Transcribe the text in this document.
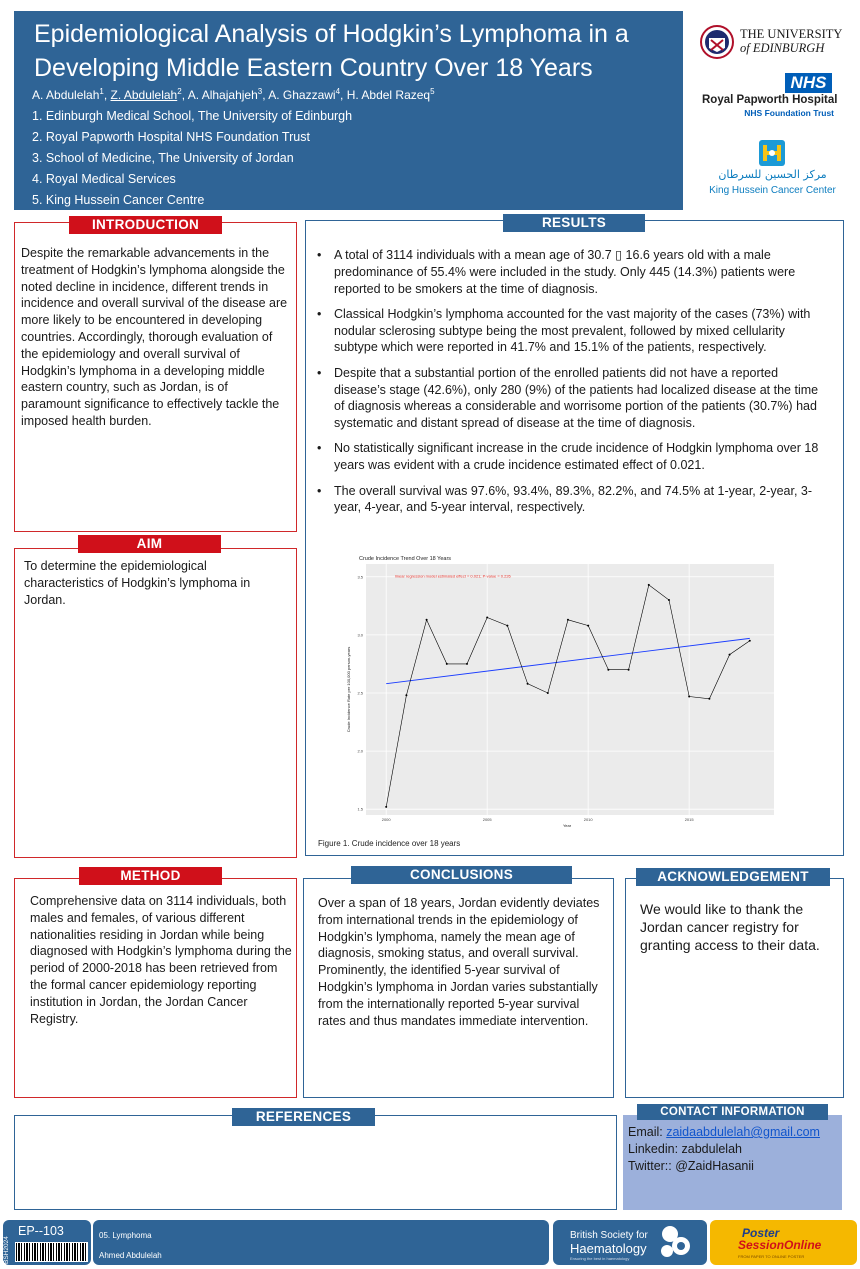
Epidemiological Analysis of Hodgkin’s Lymphoma in a Developing Middle Eastern Country Over 18 Years
A. Abdulelah$^1$, Z. Abdulelah$^2$, A. Alhajahjeh$^3$, A. Ghazzawi$^4$, H. Abdel Razeq$^5$
1. Edinburgh Medical School, The University of Edinburgh
2. Royal Papworth Hospital NHS Foundation Trust
3. School of Medicine, The University of Jordan
4. Royal Medical Services
5. King Hussein Cancer Centre
THE UNIVERSITY
of EDINBURGH
NHS
Royal Papworth Hospital
NHS Foundation Trust
مركز الحسين للسرطان
King Hussein Cancer Center
INTRODUCTION
Despite the remarkable advancements in the treatment of Hodgkin’s lymphoma alongside the noted decline in incidence, different trends in incidence and overall survival of the disease are more likely to be encountered in developing countries. Accordingly, thorough evaluation of the epidemiology and overall survival of Hodgkin’s lymphoma in a developing middle eastern country, such as Jordan, is of paramount significance to effectively tackle the imposed health burden.
AIM
To determine the epidemiological characteristics of Hodgkin’s lymphoma in Jordan.
RESULTS
• A total of 3114 individuals with a mean age of 30.7 ▯ 16.6 years old with a male predominance of 55.4% were included in the study. Only 445 (14.3%) patients were reported to be smokers at the time of diagnosis.
• Classical Hodgkin’s lymphoma accounted for the vast majority of the cases (73%) with nodular sclerosing subtype being the most prevalent, followed by mixed cellularity subtype which were reported in 41.7% and 15.1% of the patients, respectively.
• Despite that a substantial portion of the enrolled patients did not have a reported disease’s stage (42.6%), only 280 (9%) of the patients had localized disease at the time of diagnosis whereas a considerable and worrisome portion of the patients (30.7%) had systematic and distant spread of disease at the time of diagnosis.
• No statistically significant increase in the crude incidence of Hodgkin lymphoma over 18 years was evident with a crude incidence estimated effect of 0.021.
• The overall survival was 97.6%, 93.4%, 89.3%, 82.2%, and 74.5% at 1-year, 2-year, 3-year, 4-year, and 5-year interval, respectively.
1.5
2.0
2.5
3.0
3.5
2000	2005	2010	2015
Crude Incidence Trend Over 18 Years
linear regression model estimated effect = 0.021; P-value = 0.226
Year
Crude Incidence Rate per 100,000 person-years
Figure 1. Crude incidence over 18 years
METHOD
Comprehensive data on 3114 individuals, both males and females, of various different nationalities residing in Jordan while being diagnosed with Hodgkin’s lymphoma during the period of 2000-2018 has been retrieved from the formal cancer epidemiology reporting institution in Jordan, the Jordan Cancer Registry.
CONCLUSIONS
Over a span of 18 years, Jordan evidently deviates from international trends in the epidemiology of Hodgkin’s lymphoma, namely the mean age of diagnosis, smoking status, and overall survival. Prominently, the identified 5-year survival of Hodgkin’s lymphoma in Jordan varies substantially from the internationally reported 5-year survival rates and thus mandates immediate intervention.
ACKNOWLEDGEMENT
We would like to thank the Jordan cancer registry for granting access to their data.
REFERENCES	CONTACT INFORMATION
Email: zaidaabdulelah@gmail.com
Linkedin: zabdulelah
Twitter:: @ZaidHasanii
BSH2024
EP--103	05. Lymphoma
Ahmed Abdulelah
British Society for
Haematology
Ensuring the best in haematology
Poster
SessionOnline
FROM PAPER TO ONLINE POSTER
